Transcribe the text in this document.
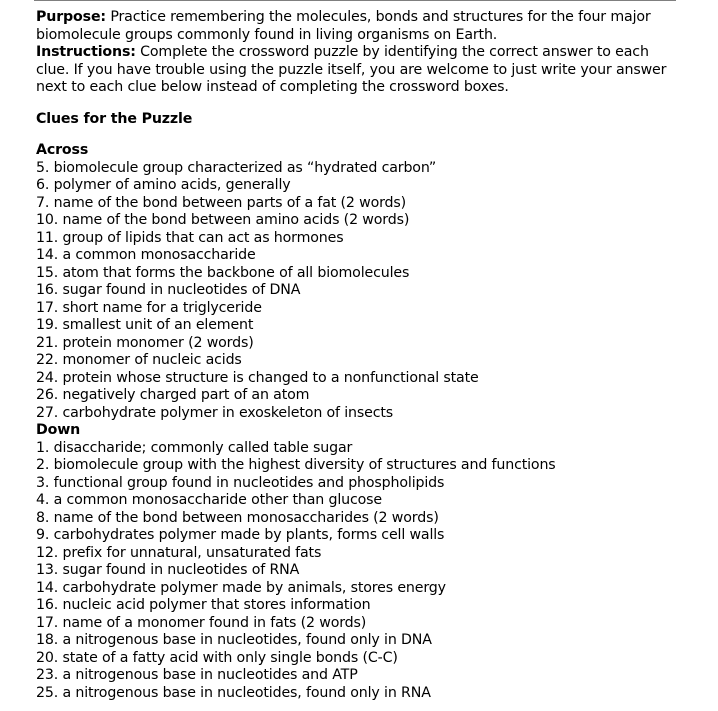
Purpose: Practice remembering the molecules, bonds and structures for the four major biomolecule groups commonly found in living organisms on Earth.

Instructions: Complete the crossword puzzle by identifying the correct answer to each clue. If you have trouble using the puzzle itself, you are welcome to just write your answer next to each clue below instead of completing the crossword boxes.

Clues for the Puzzle
Across
5. biomolecule group characterized as “hydrated carbon”
6. polymer of amino acids, generally
7. name of the bond between parts of a fat (2 words)
10. name of the bond between amino acids (2 words)
11. group of lipids that can act as hormones
14. a common monosaccharide
15. atom that forms the backbone of all biomolecules
16. sugar found in nucleotides of DNA
17. short name for a triglyceride
19. smallest unit of an element
21. protein monomer (2 words)
22. monomer of nucleic acids
24. protein whose structure is changed to a nonfunctional state
26. negatively charged part of an atom
27. carbohydrate polymer in exoskeleton of insects
Down
1. disaccharide; commonly called table sugar
2. biomolecule group with the highest diversity of structures and functions
3. functional group found in nucleotides and phospholipids
4. a common monosaccharide other than glucose
8. name of the bond between monosaccharides (2 words)
9. carbohydrates polymer made by plants, forms cell walls
12. prefix for unnatural, unsaturated fats
13. sugar found in nucleotides of RNA
14. carbohydrate polymer made by animals, stores energy
16. nucleic acid polymer that stores information
17. name of a monomer found in fats (2 words)
18. a nitrogenous base in nucleotides, found only in DNA
20. state of a fatty acid with only single bonds (C-C)
23. a nitrogenous base in nucleotides and ATP
25. a nitrogenous base in nucleotides, found only in RNA
